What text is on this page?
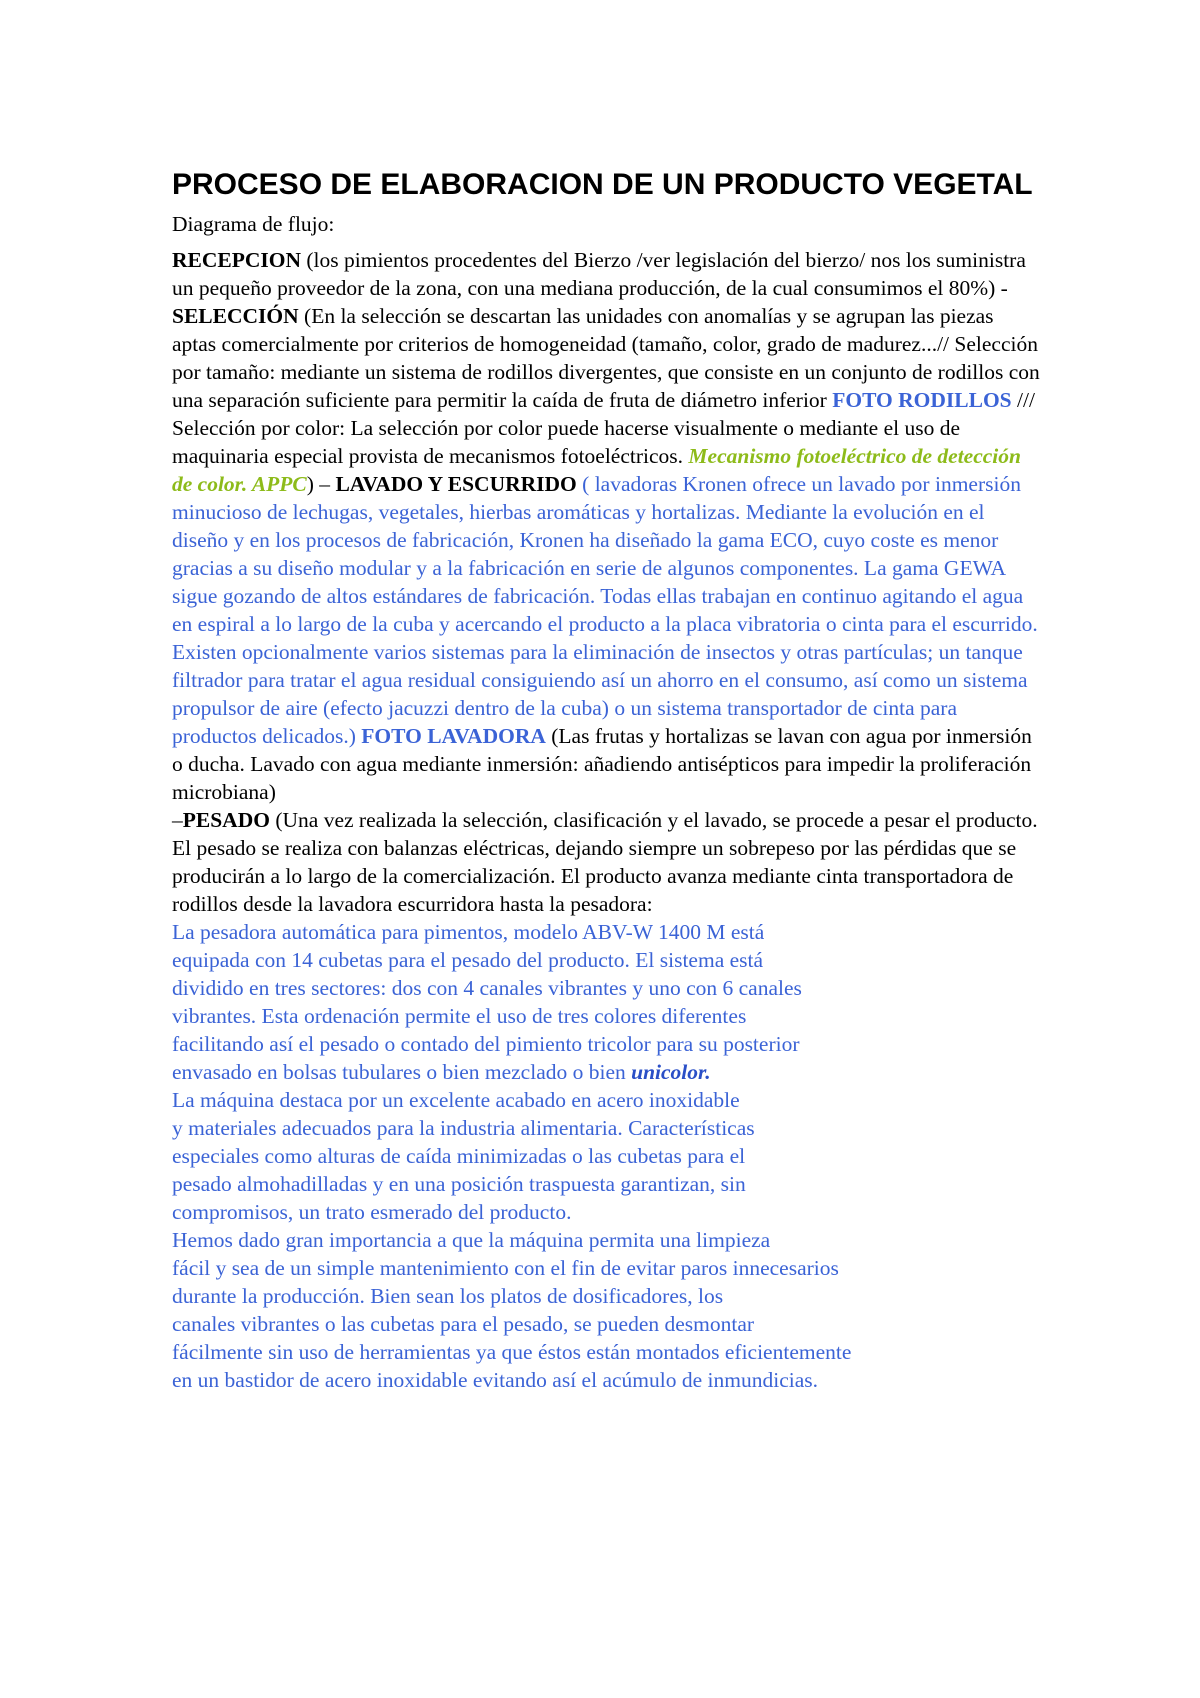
PROCESO DE ELABORACION DE UN PRODUCTO VEGETAL

Diagrama de flujo:

RECEPCION (los pimientos procedentes del Bierzo /ver legislación del bierzo/ nos los suministra un pequeño proveedor de la zona, con una mediana producción, de la cual consumimos el 80%) - SELECCIÓN (En la selección se descartan las unidades con anomalías y se agrupan las piezas aptas comercialmente por criterios de homogeneidad (tamaño, color, grado de madurez...// Selección por tamaño: mediante un sistema de rodillos divergentes, que consiste en un conjunto de rodillos con una separación suficiente para permitir la caída de fruta de diámetro inferior FOTO RODILLOS /// Selección por color: La selección por color puede hacerse visualmente o mediante el uso de maquinaria especial provista de mecanismos fotoeléctricos. Mecanismo fotoeléctrico de detección de color. APPC) – LAVADO Y ESCURRIDO ( lavadoras Kronen ofrece un lavado por inmersión minucioso de lechugas, vegetales, hierbas aromáticas y hortalizas. Mediante la evolución en el diseño y en los procesos de fabricación, Kronen ha diseñado la gama ECO, cuyo coste es menor gracias a su diseño modular y a la fabricación en serie de algunos componentes. La gama GEWA sigue gozando de altos estándares de fabricación. Todas ellas trabajan en continuo agitando el agua en espiral a lo largo de la cuba y acercando el producto a la placa vibratoria o cinta para el escurrido. Existen opcionalmente varios sistemas para la eliminación de insectos y otras partículas; un tanque filtrador para tratar el agua residual consiguiendo así un ahorro en el consumo, así como un sistema propulsor de aire (efecto jacuzzi dentro de la cuba) o un sistema transportador de cinta para productos delicados.) FOTO LAVADORA (Las frutas y hortalizas se lavan con agua por inmersión o ducha. Lavado con agua mediante inmersión: añadiendo antisépticos para impedir la proliferación microbiana)

–PESADO (Una vez realizada la selección, clasificación y el lavado, se procede a pesar el producto. El pesado se realiza con balanzas eléctricas, dejando siempre un sobrepeso por las pérdidas que se producirán a lo largo de la comercialización. El producto avanza mediante cinta transportadora de rodillos desde la lavadora escurridora hasta la pesadora:

La pesadora automática para pimentos, modelo ABV-W 1400 M está
equipada con 14 cubetas para el pesado del producto. El sistema está
dividido en tres sectores: dos con 4 canales vibrantes y uno con 6 canales
vibrantes. Esta ordenación permite el uso de tres colores diferentes
facilitando así el pesado o contado del pimiento tricolor para su posterior
envasado en bolsas tubulares o bien mezclado o bien unicolor.
La máquina destaca por un excelente acabado en acero inoxidable
y materiales adecuados para la industria alimentaria. Características
especiales como alturas de caída minimizadas o las cubetas para el
pesado almohadilladas y en una posición traspuesta garantizan, sin
compromisos, un trato esmerado del producto.
Hemos dado gran importancia a que la máquina permita una limpieza
fácil y sea de un simple mantenimiento con el fin de evitar paros innecesarios
durante la producción. Bien sean los platos de dosificadores, los
canales vibrantes o las cubetas para el pesado, se pueden desmontar
fácilmente sin uso de herramientas ya que éstos están montados eficientemente
en un bastidor de acero inoxidable evitando así el acúmulo de inmundicias.
